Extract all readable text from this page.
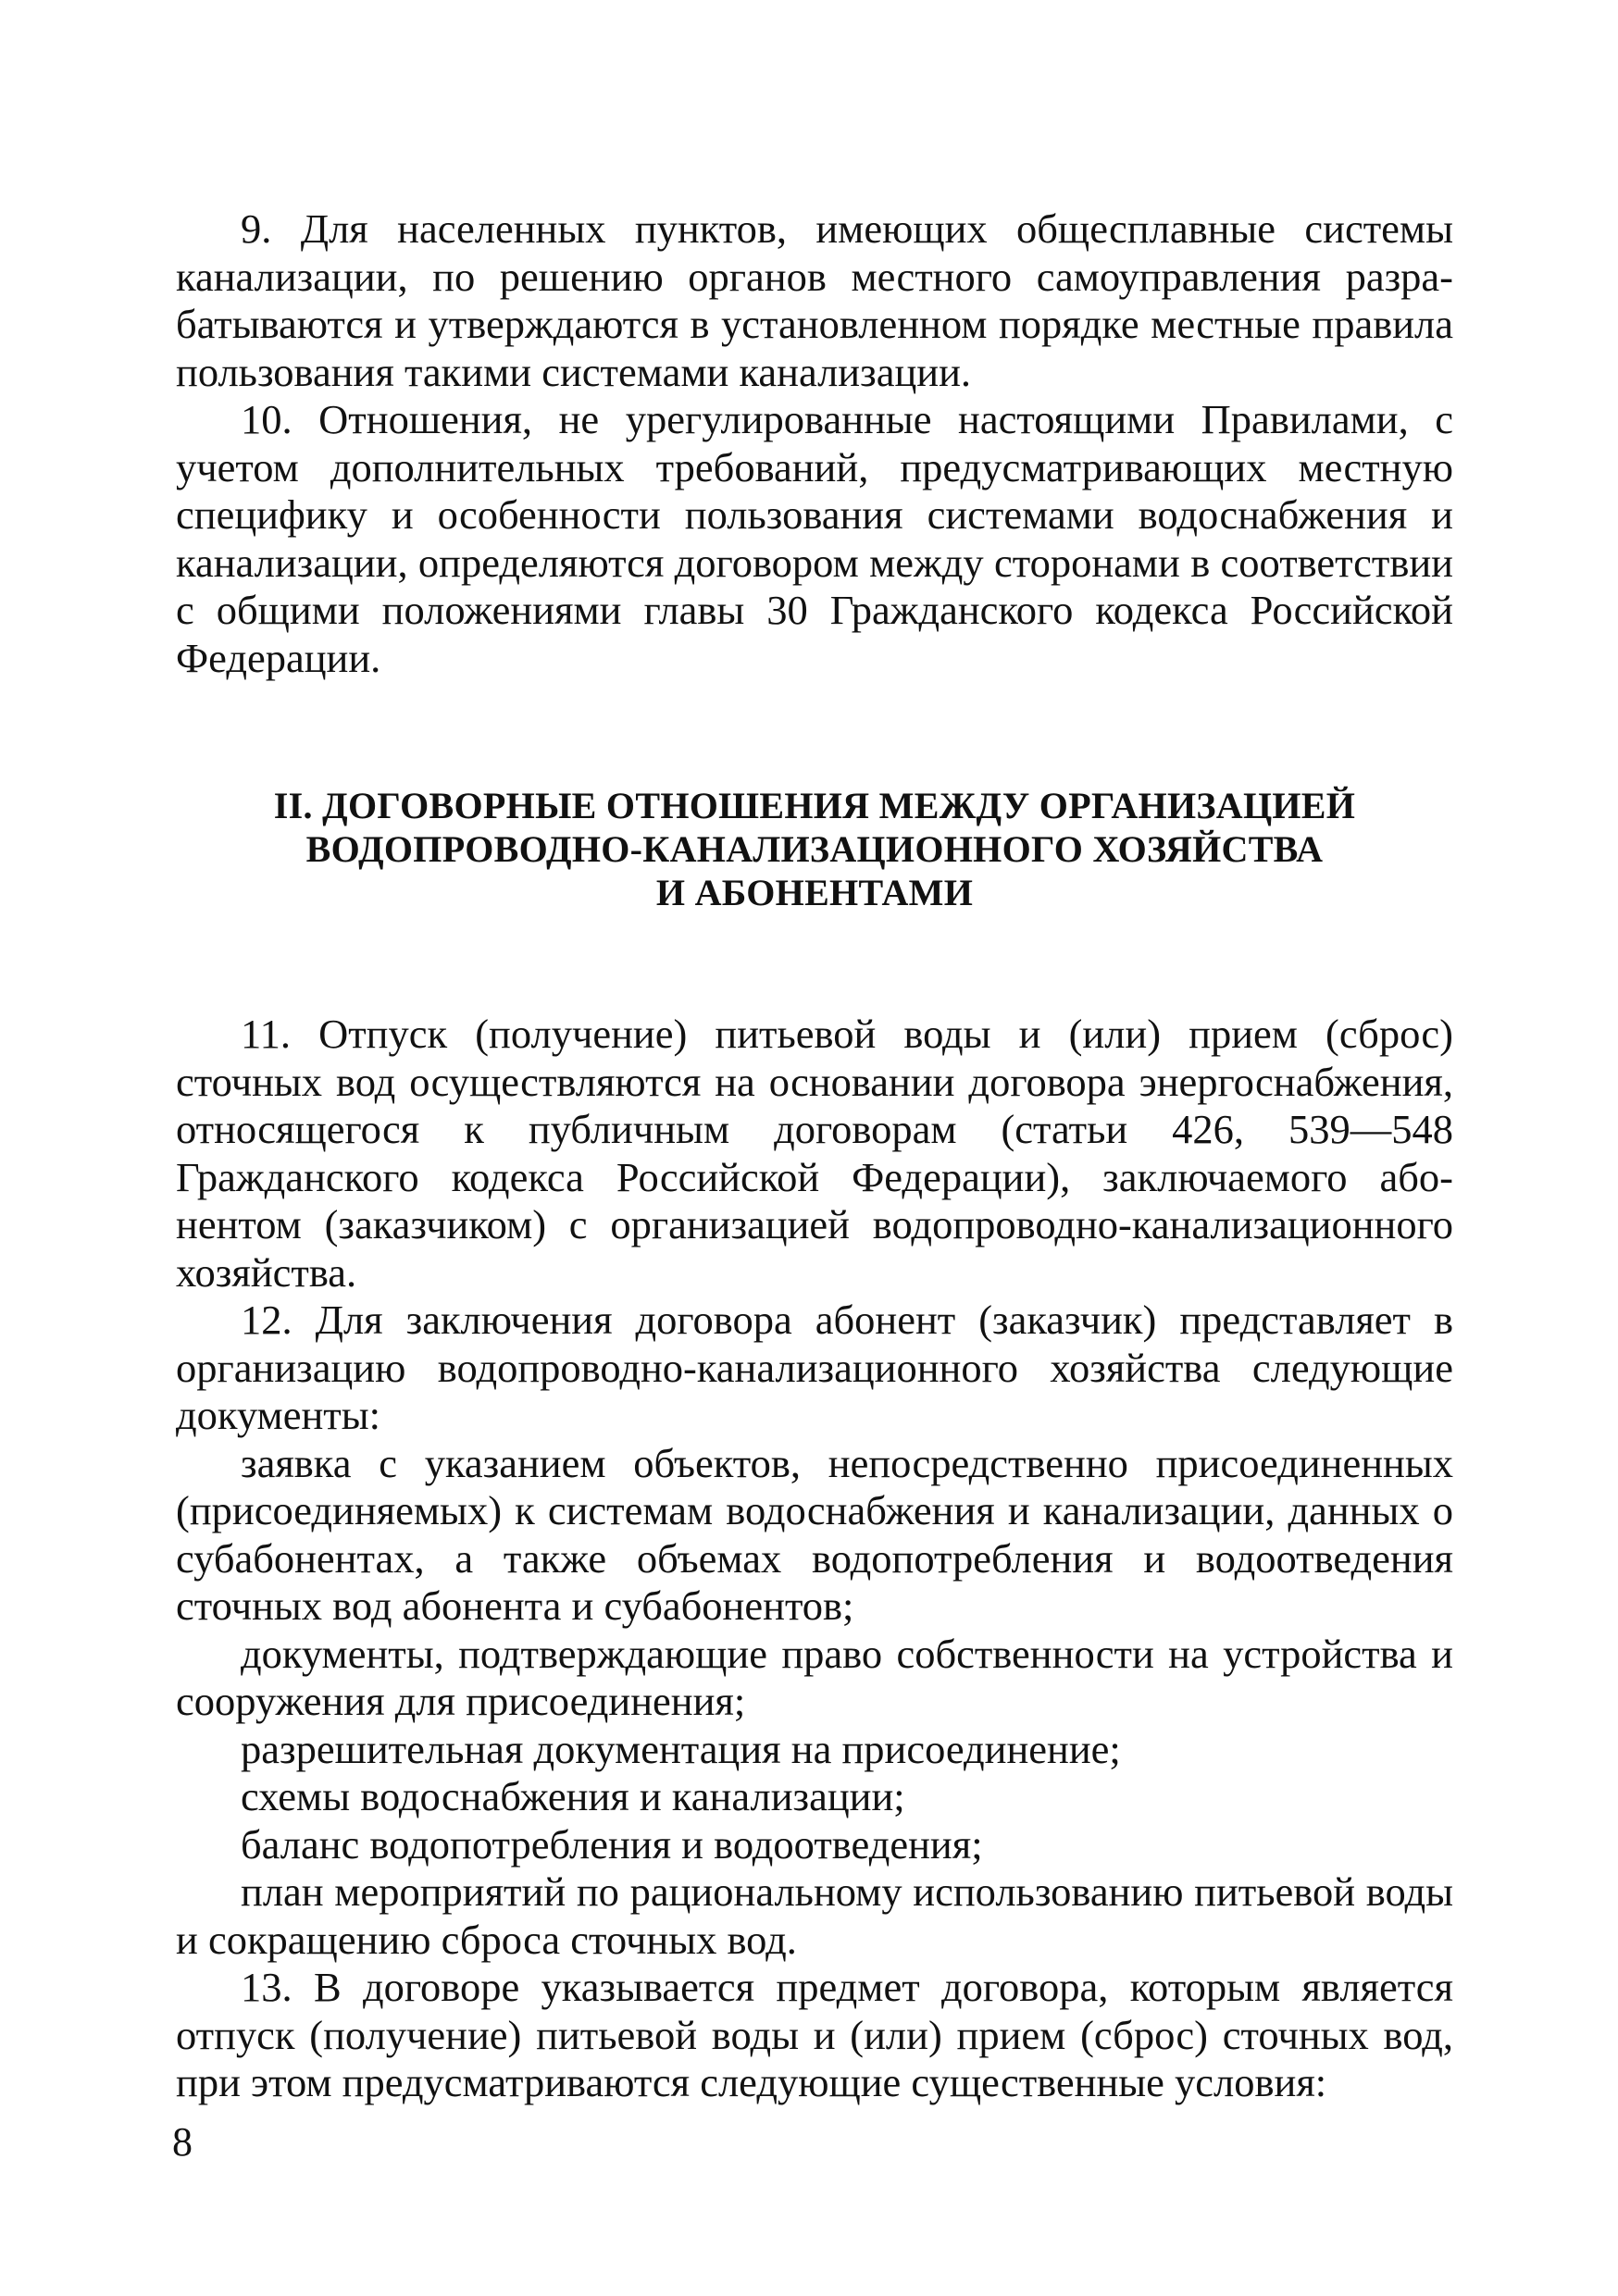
9. Для населенных пунктов, имеющих общесплавные системы канализации, по решению органов местного самоуправления разрабатываются и утверждаются в установленном порядке местные правила пользования такими системами канализации.

10. Отношения, не урегулированные настоящими Правилами, с учетом дополнительных требований, предусматривающих местную специфику и особенности пользования системами водоснабжения и канализации, определяются договором между сторонами в соответствии с общими положениями главы 30 Гражданского кодекса Российской Федерации.

II. ДОГОВОРНЫЕ ОТНОШЕНИЯ МЕЖДУ ОРГАНИЗАЦИЕЙ
ВОДОПРОВОДНО-КАНАЛИЗАЦИОННОГО ХОЗЯЙСТВА
И АБОНЕНТАМИ

11. Отпуск (получение) питьевой воды и (или) прием (сброс) сточных вод осуществляются на основании договора энергоснабжения, относящегося к публичным договорам (статьи 426, 539—548 Гражданского кодекса Российской Федерации), заключаемого абонентом (заказчиком) с организацией водопроводно-канализационного хозяйства.

12. Для заключения договора абонент (заказчик) представляет в организацию водопроводно-канализационного хозяйства следующие документы:

заявка с указанием объектов, непосредственно присоединенных (присоединяемых) к системам водоснабжения и канализации, данных о субабонентах, а также объемах водопотребления и водоотведения сточных вод абонента и субабонентов;

документы, подтверждающие право собственности на устройства и сооружения для присоединения;

разрешительная документация на присоединение;

схемы водоснабжения и канализации;

баланс водопотребления и водоотведения;

план мероприятий по рациональному использованию питьевой воды и сокращению сброса сточных вод.

13. В договоре указывается предмет договора, которым является отпуск (получение) питьевой воды и (или) прием (сброс) сточных вод, при этом предусматриваются следующие существенные условия:

8
